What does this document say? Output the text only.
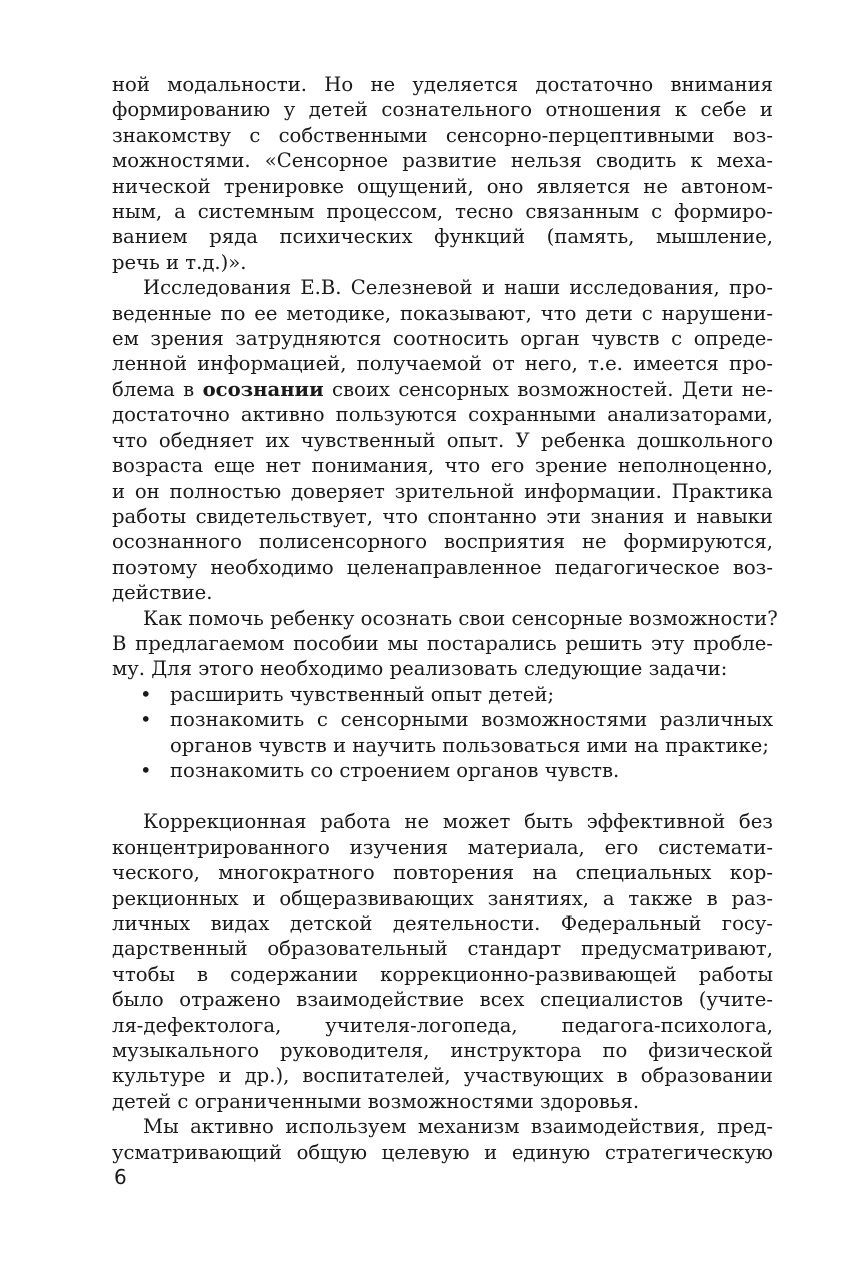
ной модальности. Но не уделяется достаточно внимания
формированию у детей сознательного отношения к себе и
знакомству с собственными сенсорно-перцептивными воз-
можностями. «Сенсорное развитие нельзя сводить к меха-
нической тренировке ощущений, оно является не автоном-
ным, а системным процессом, тесно связанным с формиро-
ванием ряда психических функций (память, мышление,
речь и т.д.)».
Исследования Е.В. Селезневой и наши исследования, про-
веденные по ее методике, показывают, что дети с нарушени-
ем зрения затрудняются соотносить орган чувств с опреде-
ленной информацией, получаемой от него, т.е. имеется про-
блема в осознании своих сенсорных возможностей. Дети не-
достаточно активно пользуются сохранными анализаторами,
что обедняет их чувственный опыт. У ребенка дошкольного
возраста еще нет понимания, что его зрение неполноценно,
и он полностью доверяет зрительной информации. Практика
работы свидетельствует, что спонтанно эти знания и навыки
осознанного полисенсорного восприятия не формируются,
поэтому необходимо целенаправленное педагогическое воз-
действие.
Как помочь ребенку осознать свои сенсорные возможности?
В предлагаемом пособии мы постарались решить эту пробле-
му. Для этого необходимо реализовать следующие задачи:
• расширить чувственный опыт детей;
• познакомить с сенсорными возможностями различных
органов чувств и научить пользоваться ими на практике;
• познакомить со строением органов чувств.
Коррекционная работа не может быть эффективной без
концентрированного изучения материала, его системати-
ческого, многократного повторения на специальных кор-
рекционных и общеразвивающих занятиях, а также в раз-
личных видах детской деятельности. Федеральный госу-
дарственный образовательный стандарт предусматривают,
чтобы в содержании коррекционно-развивающей работы
было отражено взаимодействие всех специалистов (учите-
ля-дефектолога, учителя-логопеда, педагога-психолога,
музыкального руководителя, инструктора по физической
культуре и др.), воспитателей, участвующих в образовании
детей с ограниченными возможностями здоровья.
Мы активно используем механизм взаимодействия, пред-
усматривающий общую целевую и единую стратегическую
6
